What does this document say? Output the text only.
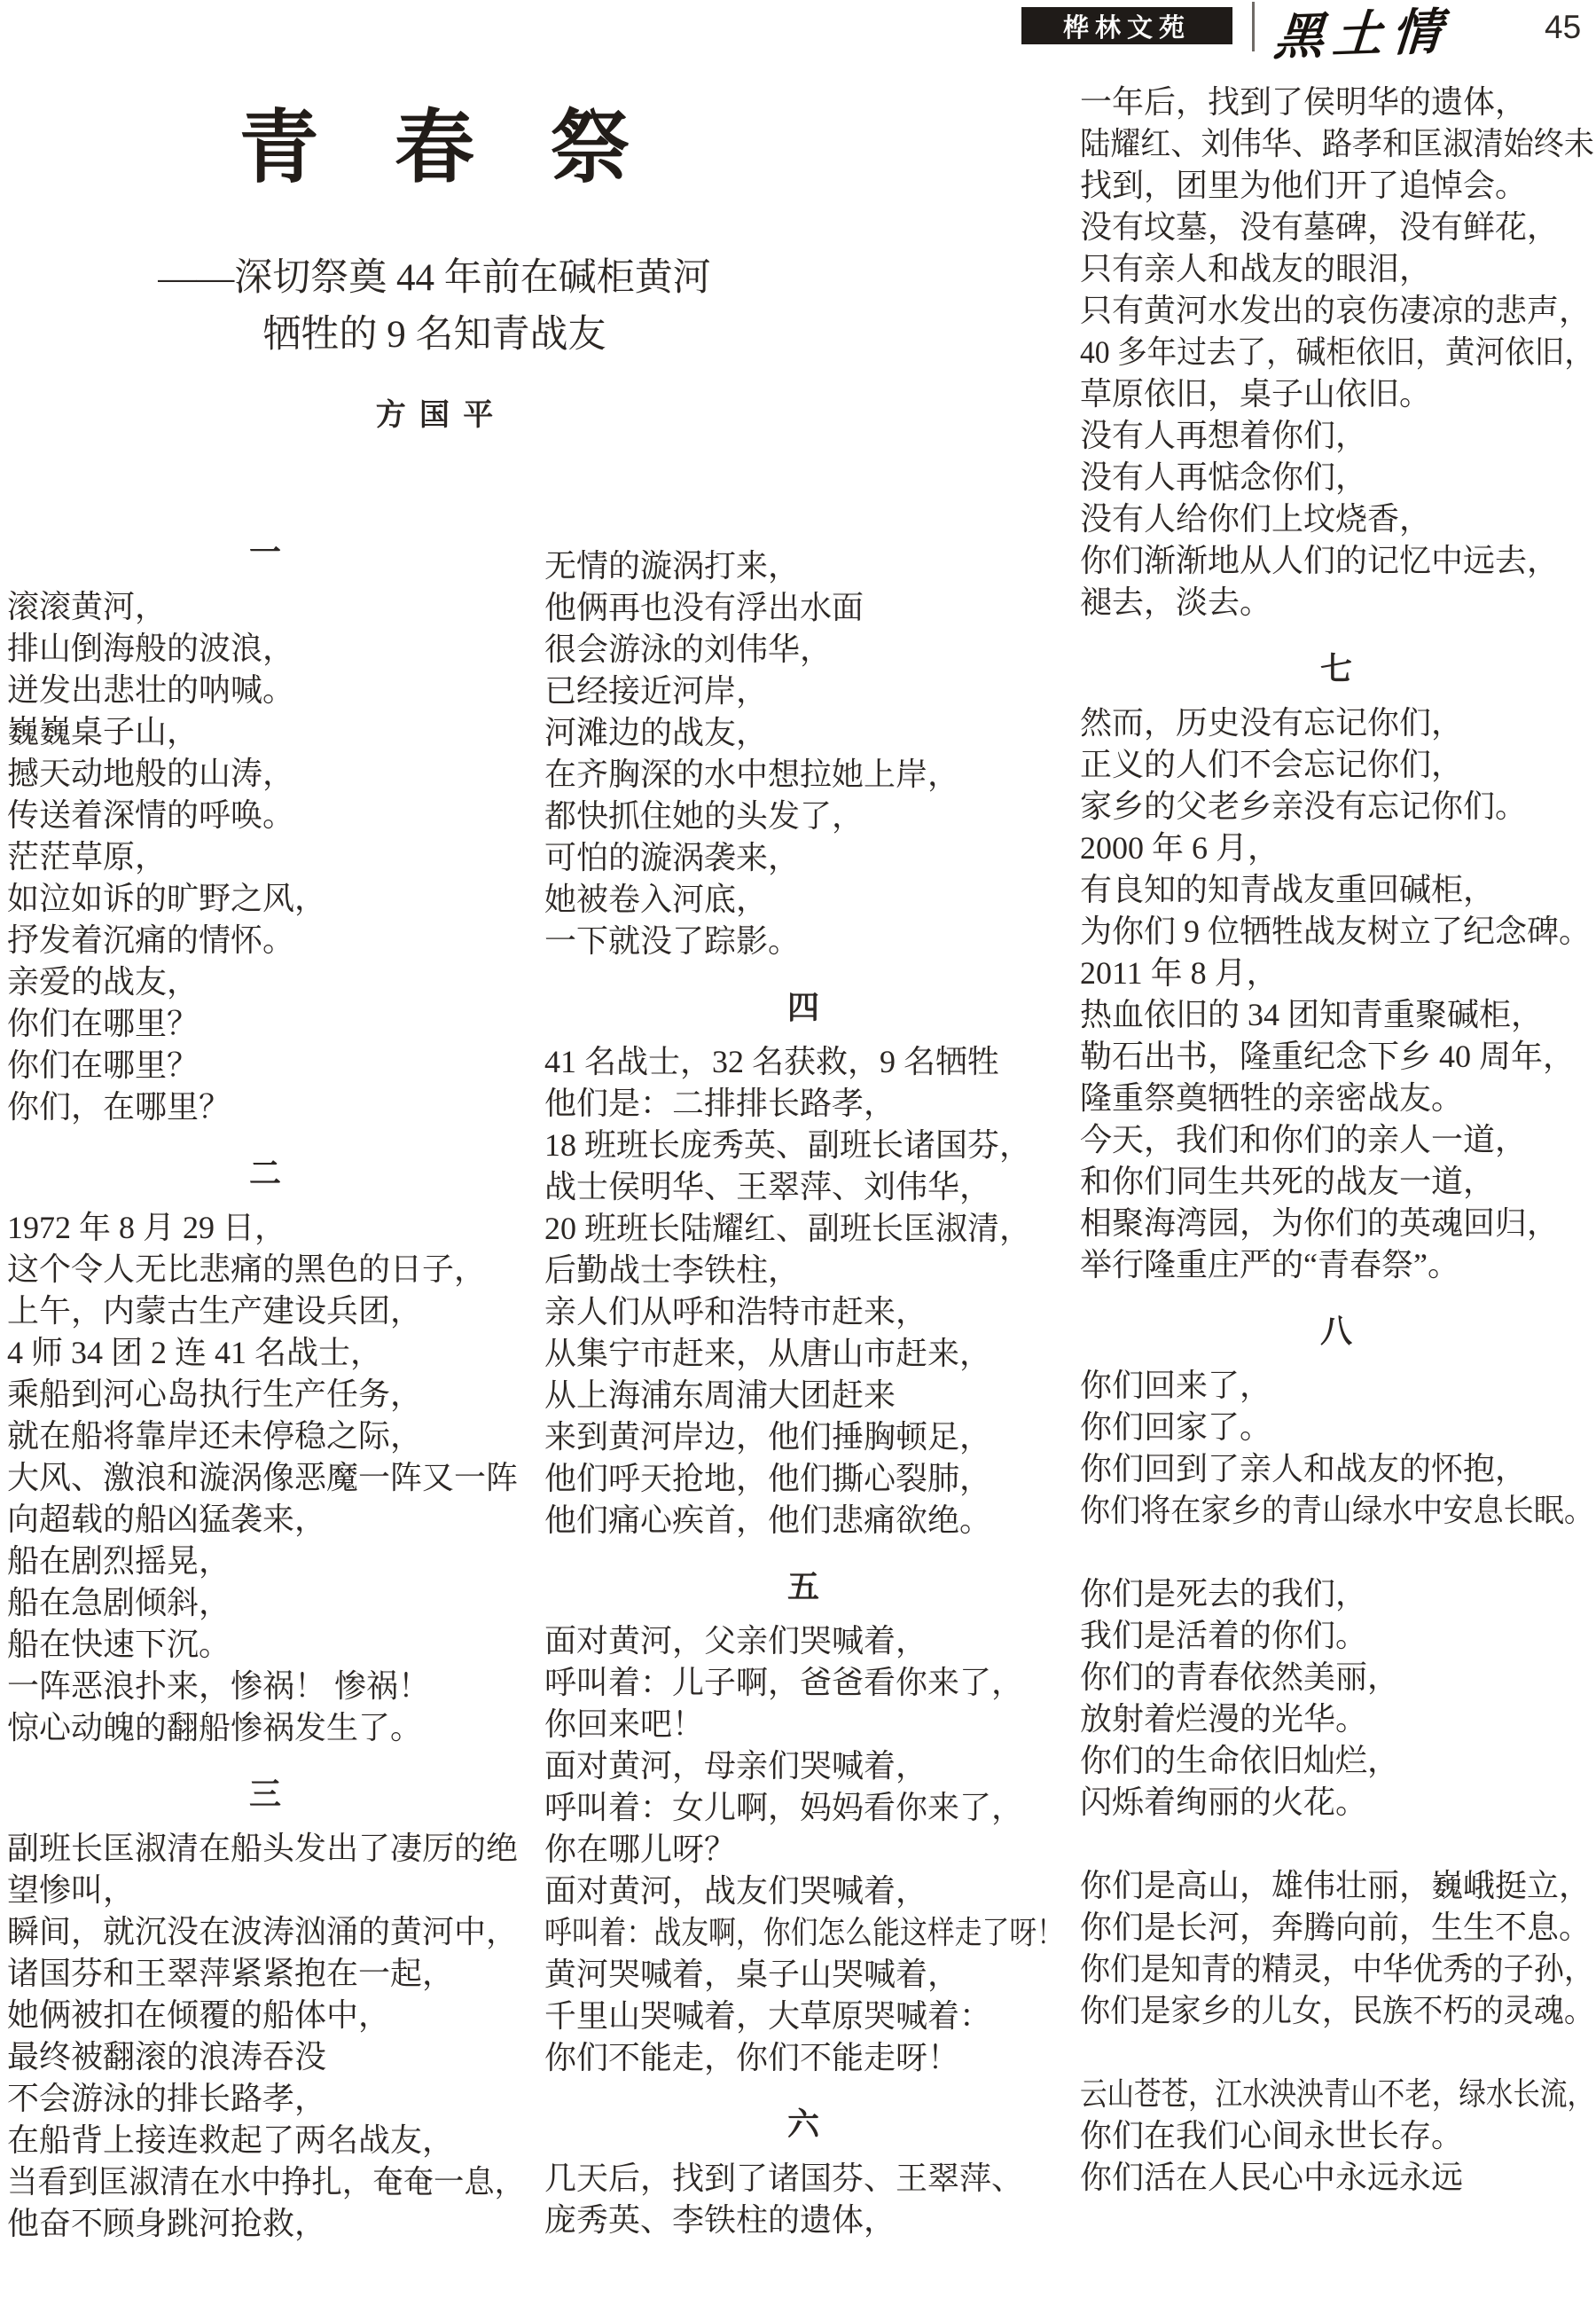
桦林文苑 黑土情	45
青春祭
——深切祭奠 44 年前在碱柜黄河
牺牲的 9 名知青战友
方国平
一
滚滚黄河，
排山倒海般的波浪，
迸发出悲壮的呐喊。
巍巍桌子山，
撼天动地般的山涛，
传送着深情的呼唤。
茫茫草原，
如泣如诉的旷野之风，
抒发着沉痛的情怀。
亲爱的战友，
你们在哪里？
你们在哪里？
你们，在哪里？
二
1972 年 8 月 29 日，
这个令人无比悲痛的黑色的日子，
上午，内蒙古生产建设兵团，
4 师 34 团 2 连 41 名战士，
乘船到河心岛执行生产任务，
就在船将靠岸还未停稳之际，
大风、激浪和漩涡像恶魔一阵又一阵
向超载的船凶猛袭来，
船在剧烈摇晃，
船在急剧倾斜，
船在快速下沉。
一阵恶浪扑来，惨祸！ 惨祸！
惊心动魄的翻船惨祸发生了。
三
副班长匡淑清在船头发出了凄厉的绝
望惨叫，
瞬间，就沉没在波涛汹涌的黄河中，
诸国芬和王翠萍紧紧抱在一起，
她俩被扣在倾覆的船体中，
最终被翻滚的浪涛吞没
不会游泳的排长路孝，
在船背上接连救起了两名战友，
当看到匡淑清在水中挣扎，奄奄一息，
他奋不顾身跳河抢救，
无情的漩涡打来，
他俩再也没有浮出水面
很会游泳的刘伟华，
已经接近河岸，
河滩边的战友，
在齐胸深的水中想拉她上岸，
都快抓住她的头发了，
可怕的漩涡袭来，
她被卷入河底，
一下就没了踪影。
四
41 名战士，32 名获救，9 名牺牲
他们是：二排排长路孝，
18 班班长庞秀英、副班长诸国芬，
战士侯明华、王翠萍、刘伟华，
20 班班长陆耀红、副班长匡淑清，
后勤战士李铁柱，
亲人们从呼和浩特市赶来，
从集宁市赶来，从唐山市赶来，
从上海浦东周浦大团赶来
来到黄河岸边，他们捶胸顿足，
他们呼天抢地，他们撕心裂肺，
他们痛心疾首，他们悲痛欲绝。
五
面对黄河，父亲们哭喊着，
呼叫着：儿子啊，爸爸看你来了，
你回来吧！
面对黄河，母亲们哭喊着，
呼叫着：女儿啊，妈妈看你来了，
你在哪儿呀？
面对黄河，战友们哭喊着，
呼叫着：战友啊，你们怎么能这样走了呀！
黄河哭喊着，桌子山哭喊着，
千里山哭喊着，大草原哭喊着：
你们不能走，你们不能走呀！
六
几天后，找到了诸国芬、王翠萍、
庞秀英、李铁柱的遗体，
一年后，找到了侯明华的遗体，
陆耀红、刘伟华、路孝和匡淑清始终未
找到，团里为他们开了追悼会。
没有坟墓，没有墓碑，没有鲜花，
只有亲人和战友的眼泪，
只有黄河水发出的哀伤凄凉的悲声，
40 多年过去了，碱柜依旧，黄河依旧，
草原依旧，桌子山依旧。
没有人再想着你们，
没有人再惦念你们，
没有人给你们上坟烧香，
你们渐渐地从人们的记忆中远去，
褪去，淡去。
七
然而，历史没有忘记你们，
正义的人们不会忘记你们，
家乡的父老乡亲没有忘记你们。
2000 年 6 月，
有良知的知青战友重回碱柜，
为你们 9 位牺牲战友树立了纪念碑。
2011 年 8 月，
热血依旧的 34 团知青重聚碱柜，
勒石出书，隆重纪念下乡 40 周年，
隆重祭奠牺牲的亲密战友。
今天，我们和你们的亲人一道，
和你们同生共死的战友一道，
相聚海湾园，为你们的英魂回归，
举行隆重庄严的“青春祭”。
八
你们回来了，
你们回家了。
你们回到了亲人和战友的怀抱，
你们将在家乡的青山绿水中安息长眠。
你们是死去的我们，
我们是活着的你们。
你们的青春依然美丽，
放射着烂漫的光华。
你们的生命依旧灿烂，
闪烁着绚丽的火花。
你们是高山，雄伟壮丽，巍峨挺立，
你们是长河，奔腾向前，生生不息。
你们是知青的精灵，中华优秀的子孙，
你们是家乡的儿女，民族不朽的灵魂。
云山苍苍，江水泱泱青山不老，绿水长流，
你们在我们心间永世长存。
你们活在人民心中永远永远
